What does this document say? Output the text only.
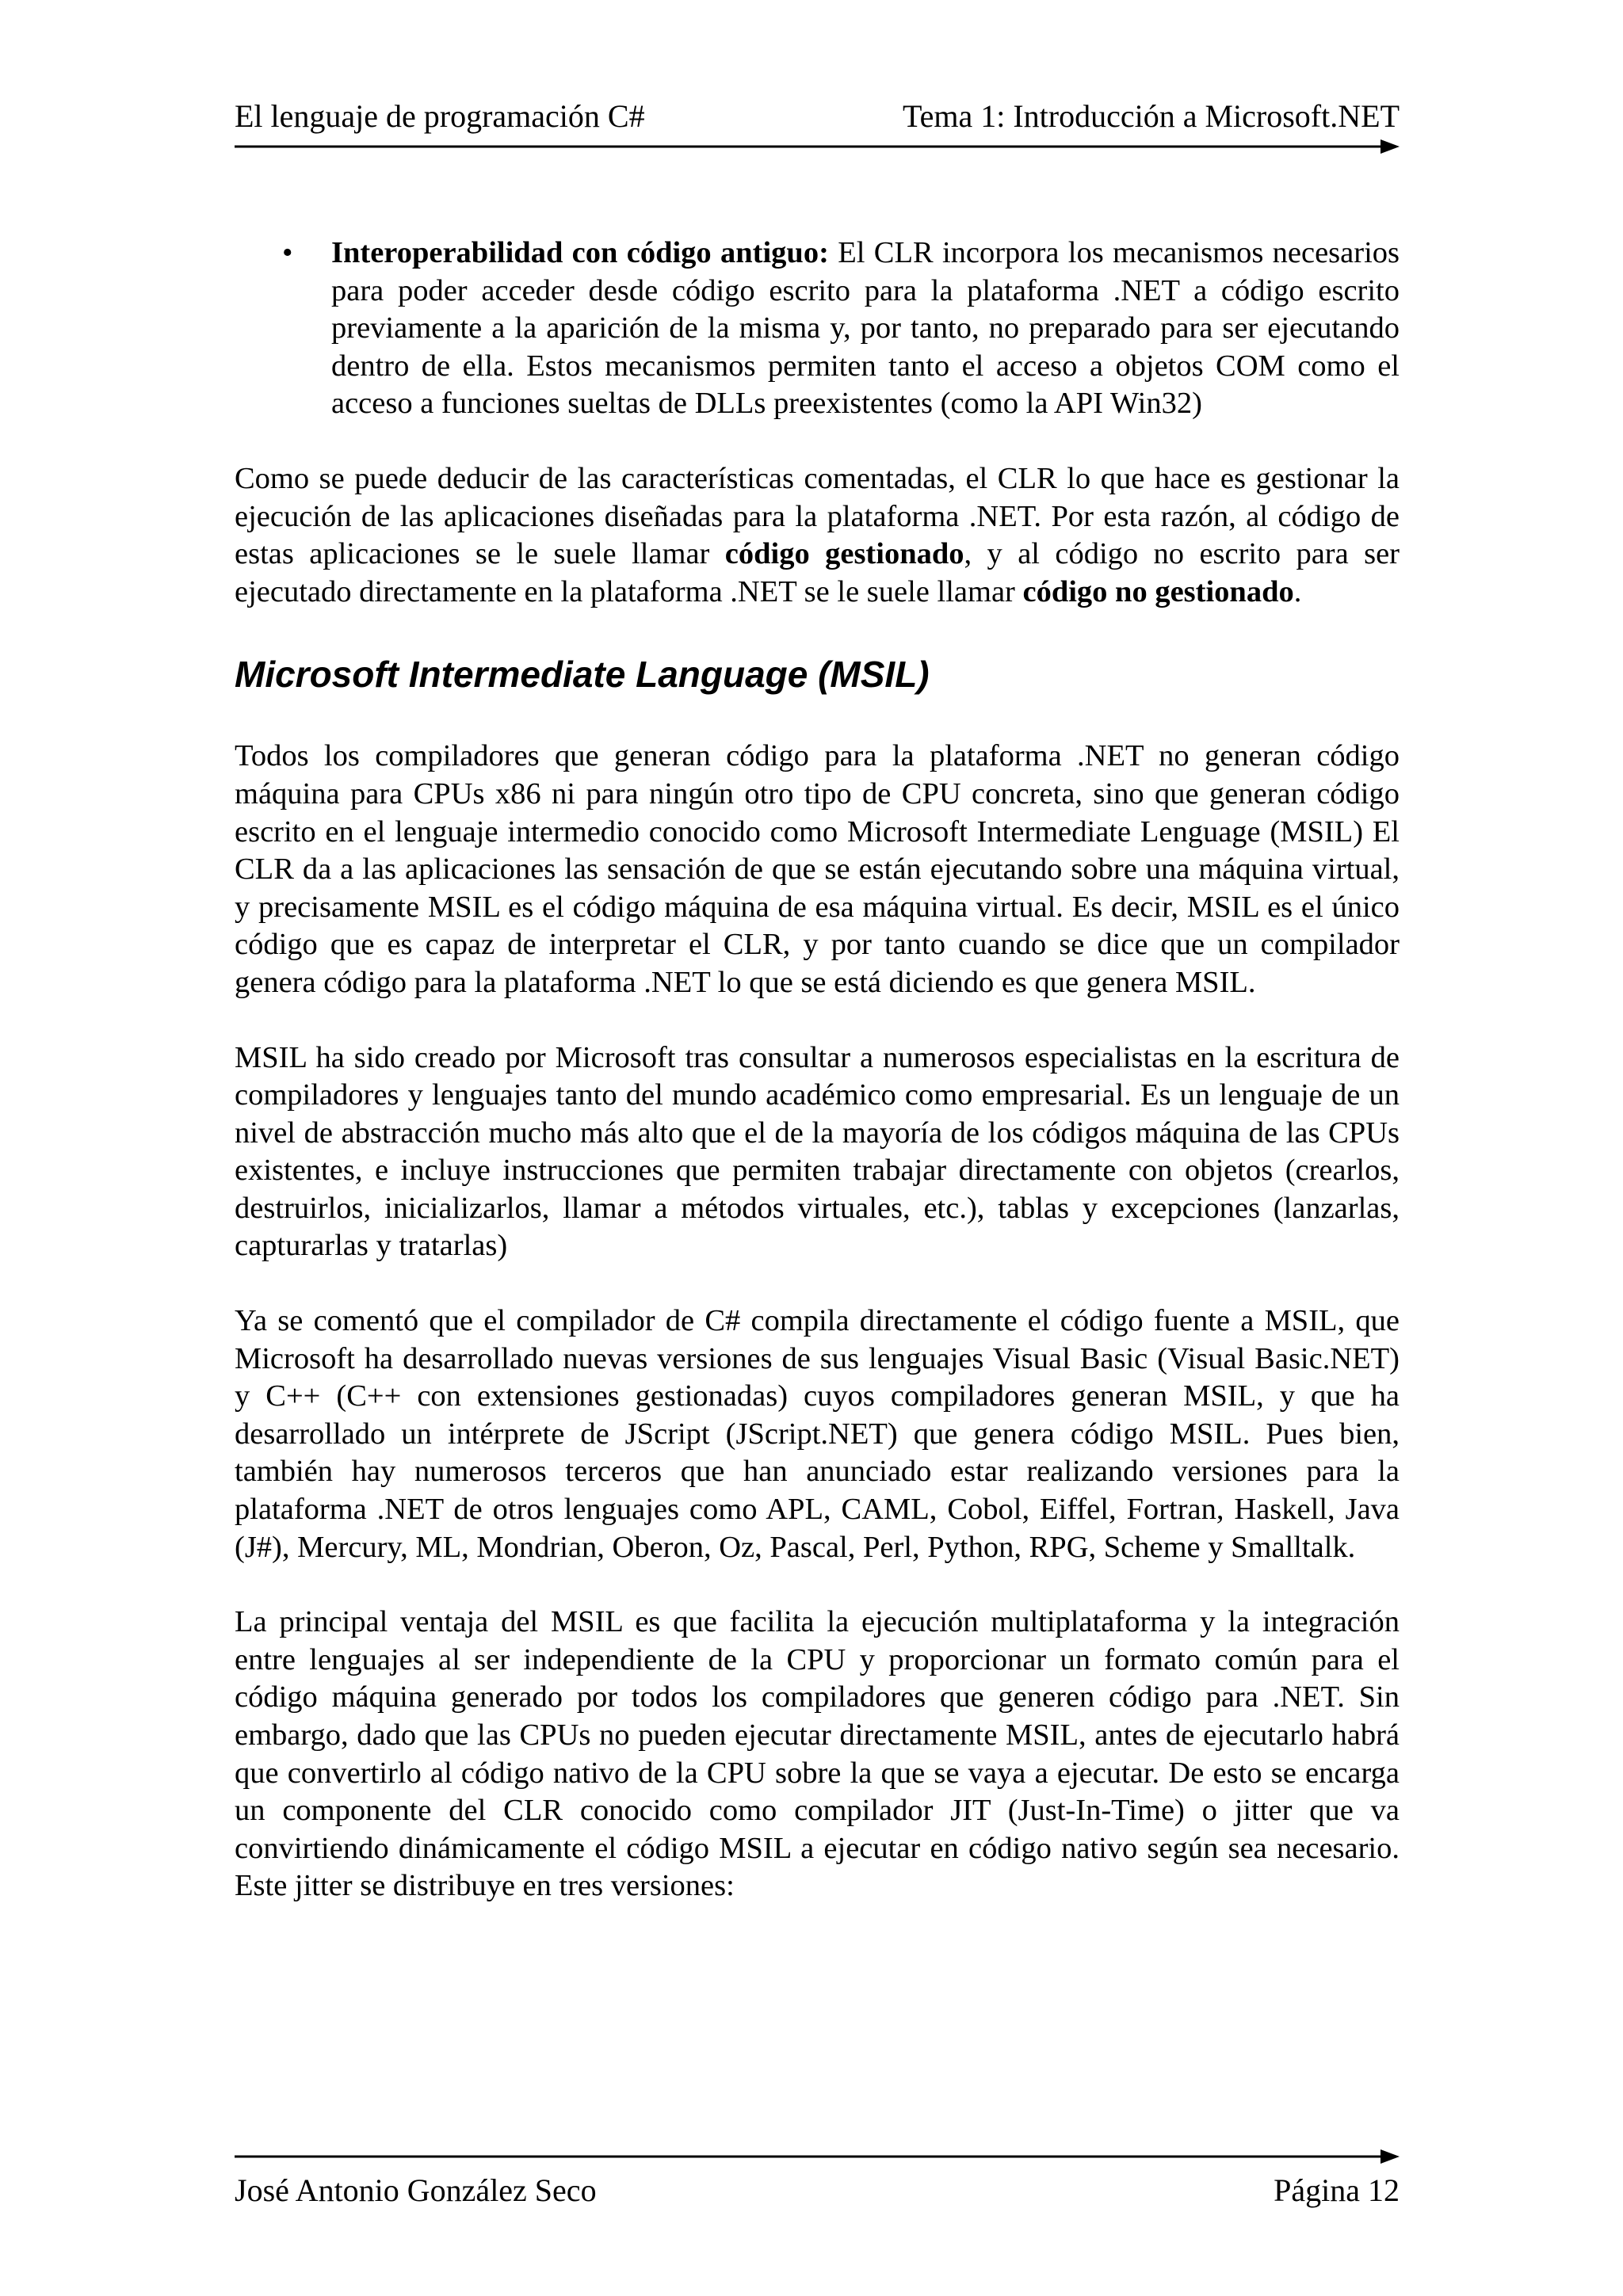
El lenguaje de programación C#	Tema 1: Introducción a Microsoft.NET
• Interoperabilidad con código antiguo: El CLR incorpora los mecanismos necesarios para poder acceder desde código escrito para la plataforma .NET a código escrito previamente a la aparición de la misma y, por tanto, no preparado para ser ejecutando dentro de ella. Estos mecanismos permiten tanto el acceso a objetos COM como el acceso a funciones sueltas de DLLs preexistentes (como la API Win32)

Como se puede deducir de las características comentadas, el CLR lo que hace es gestionar la ejecución de las aplicaciones diseñadas para la plataforma .NET. Por esta razón, al código de estas aplicaciones se le suele llamar código gestionado, y al código no escrito para ser ejecutado directamente en la plataforma .NET se le suele llamar código no gestionado.

Microsoft Intermediate Language (MSIL)

Todos los compiladores que generan código para la plataforma .NET no generan código máquina para CPUs x86 ni para ningún otro tipo de CPU concreta, sino que generan código escrito en el lenguaje intermedio conocido como Microsoft Intermediate Lenguage (MSIL) El CLR da a las aplicaciones las sensación de que se están ejecutando sobre una máquina virtual, y precisamente MSIL es el código máquina de esa máquina virtual. Es decir, MSIL es el único código que es capaz de interpretar el CLR, y por tanto cuando se dice que un compilador genera código para la plataforma .NET lo que se está diciendo es que genera MSIL.

MSIL ha sido creado por Microsoft tras consultar a numerosos especialistas en la escritura de compiladores y lenguajes tanto del mundo académico como empresarial. Es un lenguaje de un nivel de abstracción mucho más alto que el de la mayoría de los códigos máquina de las CPUs existentes, e incluye instrucciones que permiten trabajar directamente con objetos (crearlos, destruirlos, inicializarlos, llamar a métodos virtuales, etc.), tablas y excepciones (lanzarlas, capturarlas y tratarlas)

Ya se comentó que el compilador de C# compila directamente el código fuente a MSIL, que Microsoft ha desarrollado nuevas versiones de sus lenguajes Visual Basic (Visual Basic.NET) y C++ (C++ con extensiones gestionadas) cuyos compiladores generan MSIL, y que ha desarrollado un intérprete de JScript (JScript.NET) que genera código MSIL. Pues bien, también hay numerosos terceros que han anunciado estar realizando versiones para la plataforma .NET de otros lenguajes como APL, CAML, Cobol, Eiffel, Fortran, Haskell, Java (J#), Mercury, ML, Mondrian, Oberon, Oz, Pascal, Perl, Python, RPG, Scheme y Smalltalk.

La principal ventaja del MSIL es que facilita la ejecución multiplataforma y la integración entre lenguajes al ser independiente de la CPU y proporcionar un formato común para el código máquina generado por todos los compiladores que generen código para .NET. Sin embargo, dado que las CPUs no pueden ejecutar directamente MSIL, antes de ejecutarlo habrá que convertirlo al código nativo de la CPU sobre la que se vaya a ejecutar. De esto se encarga un componente del CLR conocido como compilador JIT (Just-In-Time) o jitter que va convirtiendo dinámicamente el código MSIL a ejecutar en código nativo según sea necesario. Este jitter se distribuye en tres versiones:

José Antonio González Seco	Página 12
